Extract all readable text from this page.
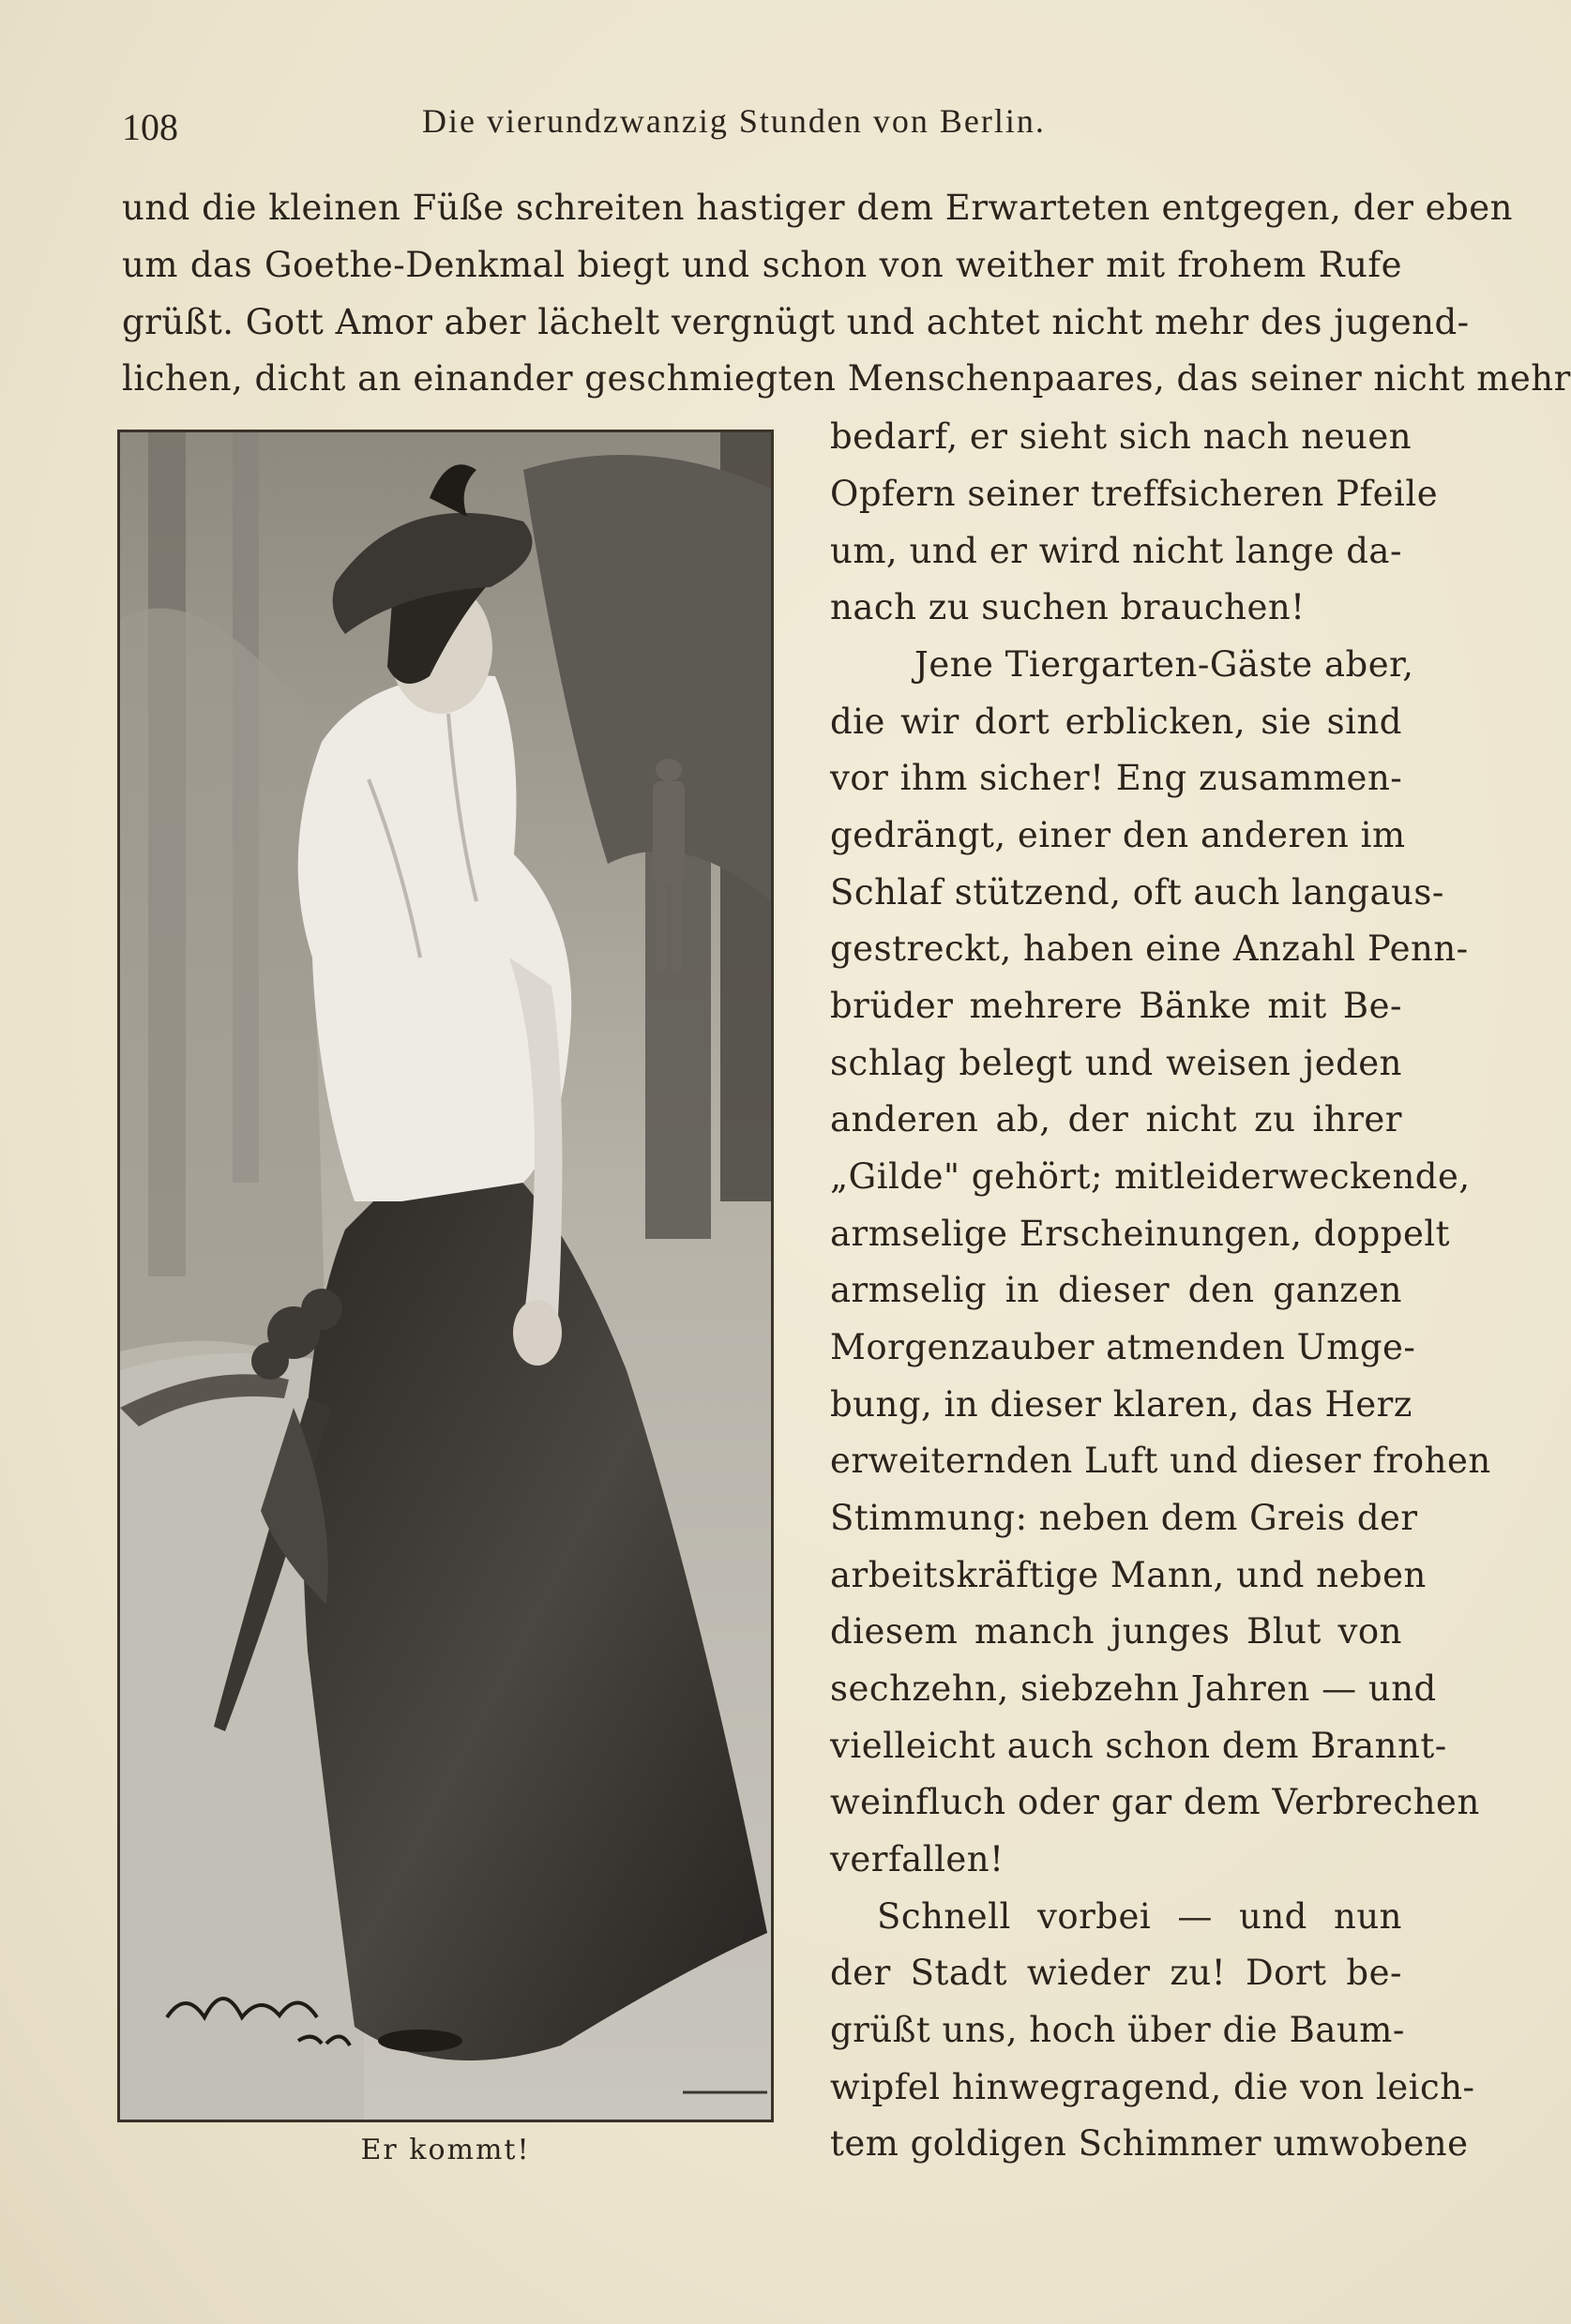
108	Die vierundzwanzig Stunden von Berlin.
und die kleinen Füße schreiten hastiger dem Erwarteten entgegen, der eben
um das Goethe-Denkmal biegt und schon von weither mit frohem Rufe
grüßt. Gott Amor aber lächelt vergnügt und achtet nicht mehr des jugend-
lichen, dicht an einander geschmiegten Menschenpaares, das seiner nicht mehr
bedarf, er sieht sich nach neuen
Opfern seiner treffsicheren Pfeile
um, und er wird nicht lange da-
nach zu suchen brauchen!
Jene Tiergarten-Gäste aber,
die wir dort erblicken, sie sind
vor ihm sicher! Eng zusammen-
gedrängt, einer den anderen im
Schlaf stützend, oft auch langaus-
gestreckt, haben eine Anzahl Penn-
brüder mehrere Bänke mit Be-
schlag belegt und weisen jeden
anderen ab, der nicht zu ihrer
„Gilde" gehört; mitleiderweckende,
armselige Erscheinungen, doppelt
armselig in dieser den ganzen
Morgenzauber atmenden Umge-
bung, in dieser klaren, das Herz
erweiternden Luft und dieser frohen
Stimmung: neben dem Greis der
arbeitskräftige Mann, und neben
diesem manch junges Blut von
sechzehn, siebzehn Jahren — und
vielleicht auch schon dem Brannt-
weinfluch oder gar dem Verbrechen
verfallen!
Schnell vorbei — und nun
der Stadt wieder zu! Dort be-
grüßt uns, hoch über die Baum-
wipfel hinwegragend, die von leich-
tem goldigen Schimmer umwobene
Er kommt!
